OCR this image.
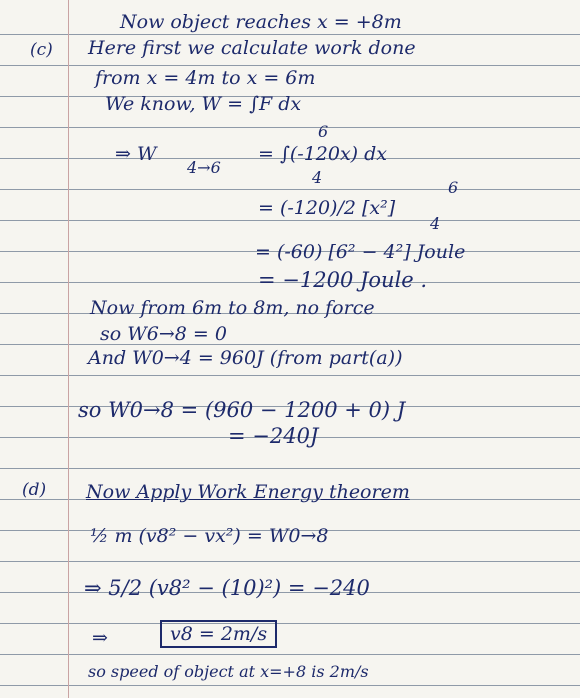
Now object reaches x = +8m
(c) Here first we calculate work done
from x = 4m to x = 6m
We know, W = ∫F dx
⇒ W
4→6
= ∫(-120x) dx
6
4
= (-120)/2 [x²]
6
4
= (-60) [6² − 4²] Joule
= −1200 Joule .
Now from 6m to 8m, no force
so W6→8 = 0
And W0→4 = 960J (from part(a))
so W0→8 = (960 − 1200 + 0) J
= −240J
(d) Now Apply Work Energy theorem
½ m (v8² − vx²) = W0→8
⇒ 5/2 (v8² − (10)²) = −240
⇒	v8 = 2m/s
so speed of object at x=+8 is 2m/s
